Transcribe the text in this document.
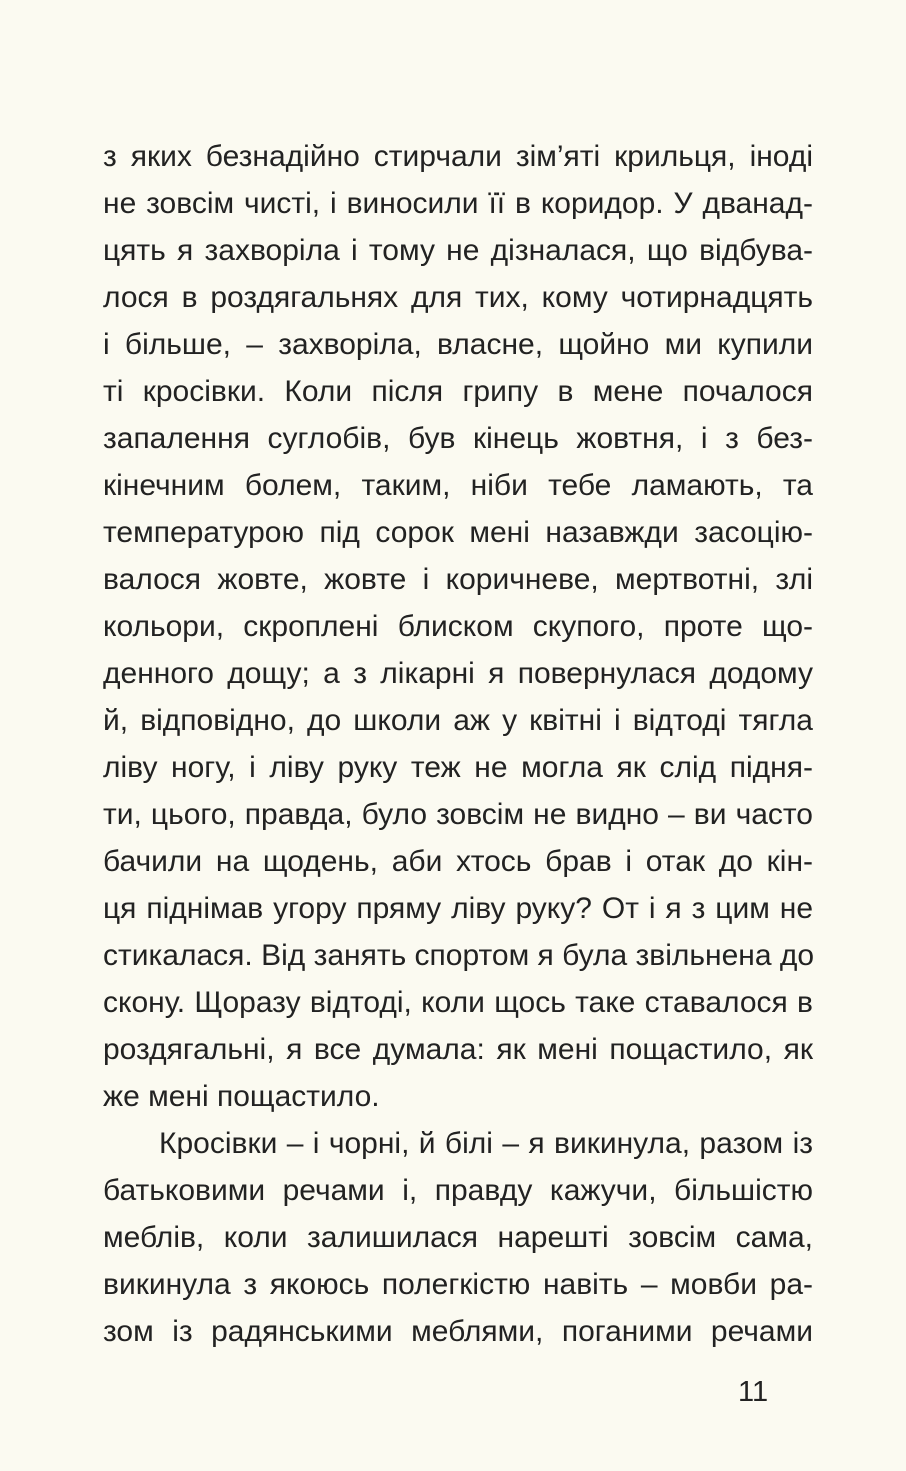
з яких безнадійно стирчали зім’яті крильця, іноді
не зовсім чисті, і виносили її в коридор. У дванад-
цять я захворіла і тому не дізналася, що відбува-
лося в роздягальнях для тих, кому чотирнадцять
і більше, – захворіла, власне, щойно ми купили
ті кросівки. Коли після грипу в мене почалося
запалення суглобів, був кінець жовтня, і з без-
кінечним болем, таким, ніби тебе ламають, та
температурою під сорок мені назавжди засоцію-
валося жовте, жовте і коричневе, мертвотні, злі
кольори, скроплені блиском скупого, проте що-
денного дощу; а з лікарні я повернулася додому
й, відповідно, до школи аж у квітні і відтоді тягла
ліву ногу, і ліву руку теж не могла як слід підня-
ти, цього, правда, було зовсім не видно – ви часто
бачили на щодень, аби хтось брав і отак до кін-
ця піднімав угору пряму ліву руку? От і я з цим не
стикалася. Від занять спортом я була звільнена до
скону. Щоразу відтоді, коли щось таке ставалося в
роздягальні, я все думала: як мені пощастило, як
же мені пощастило.
Кросівки – і чорні, й білі – я викинула, разом із
батьковими речами і, правду кажучи, більшістю
меблів, коли залишилася нарешті зовсім сама,
викинула з якоюсь полегкістю навіть – мовби ра-
зом із радянськими меблями, поганими речами
11
